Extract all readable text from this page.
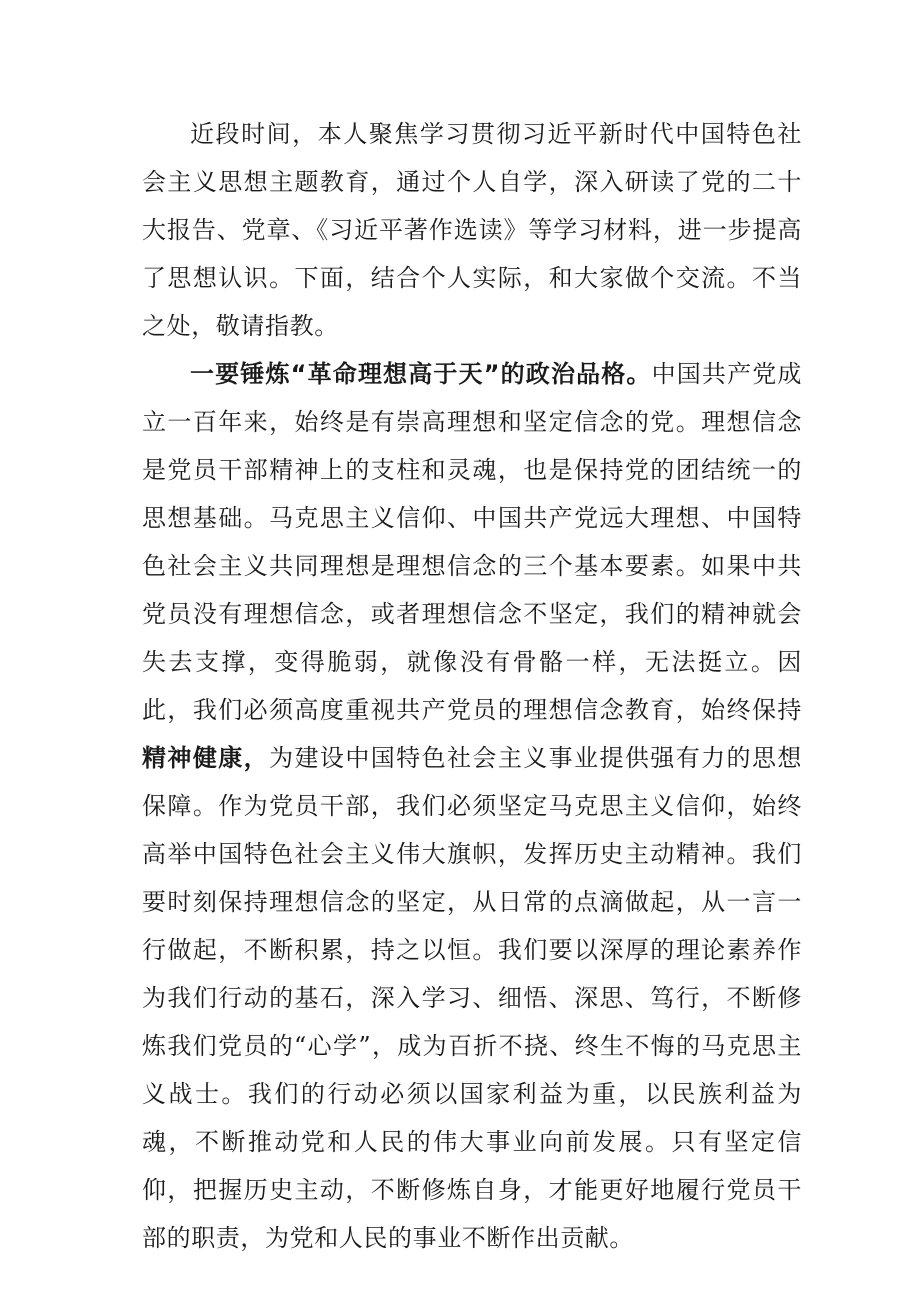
近段时间，本人聚焦学习贯彻习近平新时代中国特色社会主义思想主题教育，通过个人自学，深入研读了党的二十大报告、党章、《习近平著作选读》等学习材料，进一步提高了思想认识。下面，结合个人实际，和大家做个交流。不当之处，敬请指教。

一要锤炼“革命理想高于天”的政治品格。中国共产党成立一百年来，始终是有崇高理想和坚定信念的党。理想信念是党员干部精神上的支柱和灵魂，也是保持党的团结统一的思想基础。马克思主义信仰、中国共产党远大理想、中国特色社会主义共同理想是理想信念的三个基本要素。如果中共党员没有理想信念，或者理想信念不坚定，我们的精神就会失去支撑，变得脆弱，就像没有骨骼一样，无法挺立。因此，我们必须高度重视共产党员的理想信念教育，始终保持精神健康，为建设中国特色社会主义事业提供强有力的思想保障。作为党员干部，我们必须坚定马克思主义信仰，始终高举中国特色社会主义伟大旗帜，发挥历史主动精神。我们要时刻保持理想信念的坚定，从日常的点滴做起，从一言一行做起，不断积累，持之以恒。我们要以深厚的理论素养作为我们行动的基石，深入学习、细悟、深思、笃行，不断修炼我们党员的“心学”，成为百折不挠、终生不悔的马克思主义战士。我们的行动必须以国家利益为重，以民族利益为魂，不断推动党和人民的伟大事业向前发展。只有坚定信仰，把握历史主动，不断修炼自身，才能更好地履行党员干部的职责，为党和人民的事业不断作出贡献。
